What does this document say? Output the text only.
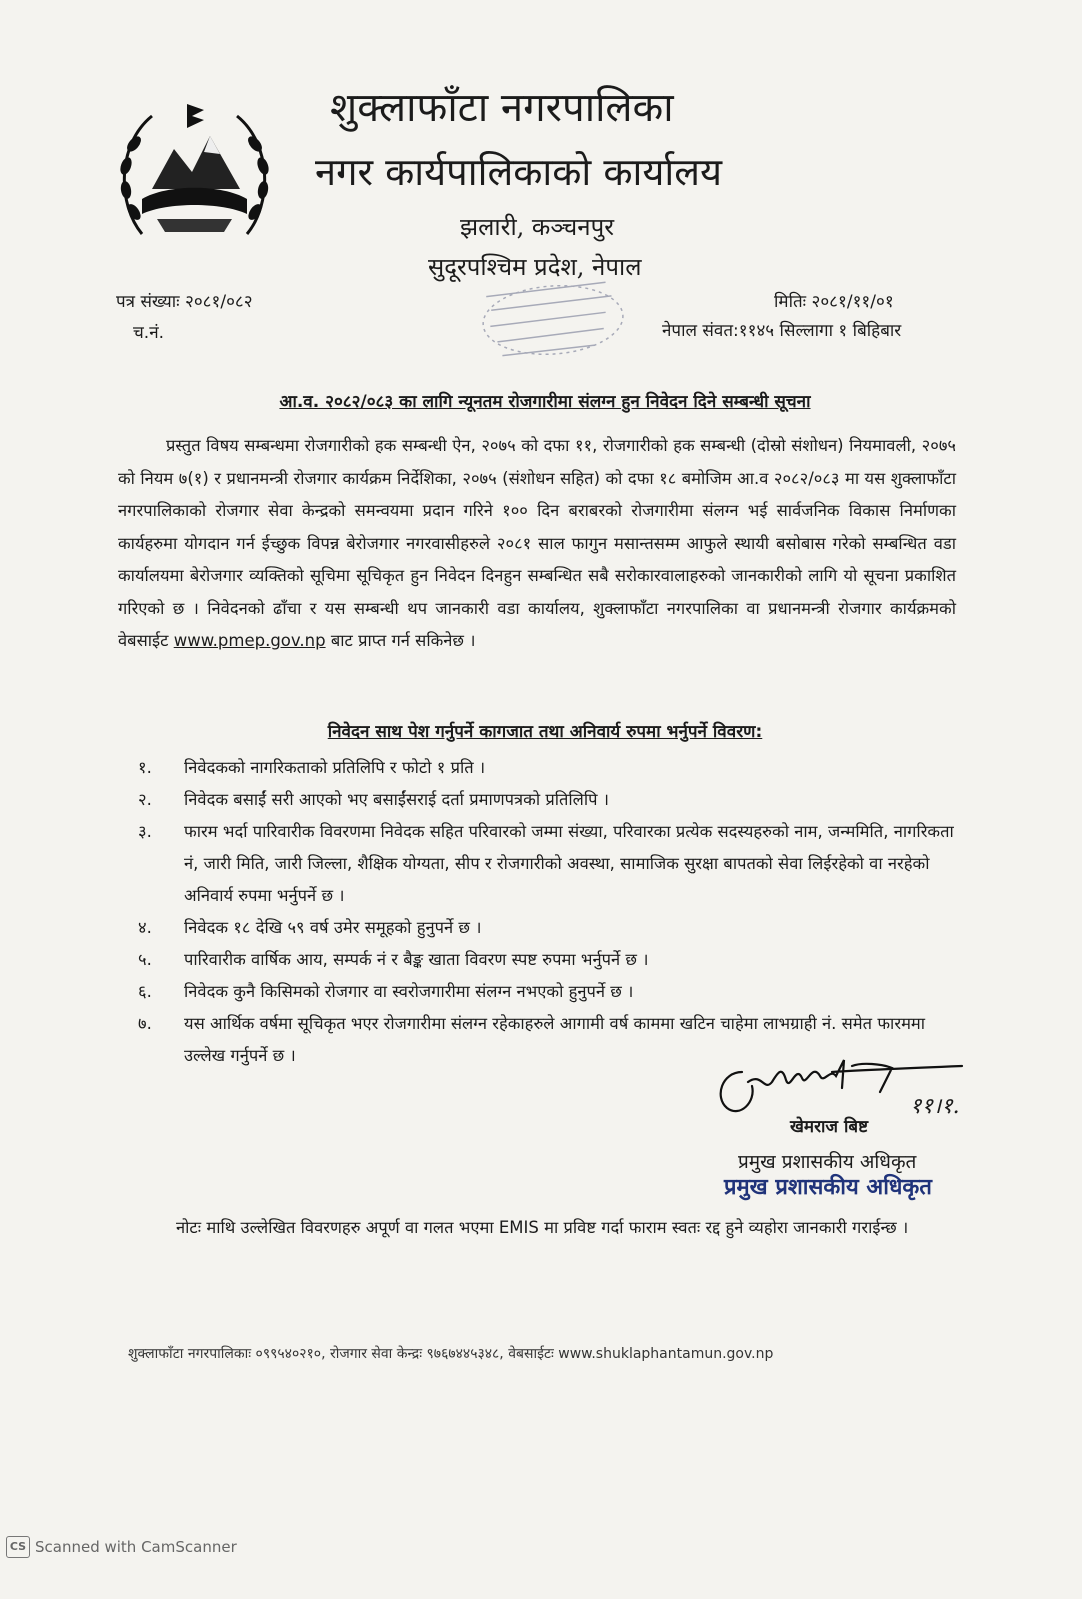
शुक्लाफाँटा नगरपालिका
नगर कार्यपालिकाको कार्यालय
झलारी, कञ्चनपुर
सुदूरपश्चिम प्रदेश, नेपाल
पत्र संख्याः २०८१/०८२
च.नं.
मितिः २०८१/११/०१
नेपाल संवत:११४५ सिल्लागा १ बिहिबार
आ.व. २०८२/०८३ का लागि न्यूनतम रोजगारीमा संलग्न हुन निवेदन दिने सम्बन्धी सूचना

प्रस्तुत विषय सम्बन्धमा रोजगारीको हक सम्बन्धी ऐन, २०७५ को दफा ११, रोजगारीको हक सम्बन्धी (दोस्रो संशोधन) नियमावली, २०७५ को नियम ७(१) र प्रधानमन्त्री रोजगार कार्यक्रम निर्देशिका, २०७५ (संशोधन सहित) को दफा १८ बमोजिम आ.व २०८२/०८३ मा यस शुक्लाफाँटा नगरपालिकाको रोजगार सेवा केन्द्रको समन्वयमा प्रदान गरिने १०० दिन बराबरको रोजगारीमा संलग्न भई सार्वजनिक विकास निर्माणका कार्यहरुमा योगदान गर्न ईच्छुक विपन्न बेरोजगार नगरवासीहरुले २०८१ साल फागुन मसान्तसम्म आफुले स्थायी बसोबास गरेको सम्बन्धित वडा कार्यालयमा बेरोजगार व्यक्तिको सूचिमा सूचिकृत हुन निवेदन दिनहुन सम्बन्धित सबै सरोकारवालाहरुको जानकारीको लागि यो सूचना प्रकाशित गरिएको छ । निवेदनको ढाँचा र यस सम्बन्धी थप जानकारी वडा कार्यालय, शुक्लाफाँटा नगरपालिका वा प्रधानमन्त्री रोजगार कार्यक्रमको वेबसाईट www.pmep.gov.np बाट प्राप्त गर्न सकिनेछ ।

निवेदन साथ पेश गर्नुपर्ने कागजात तथा अनिवार्य रुपमा भर्नुपर्ने विवरण:
१.	निवेदकको नागरिकताको प्रतिलिपि र फोटो १ प्रति ।
२.	निवेदक बसाईं सरी आएको भए बसाईंसराई दर्ता प्रमाणपत्रको प्रतिलिपि ।
३.	फारम भर्दा पारिवारीक विवरणमा निवेदक सहित परिवारको जम्मा संख्या, परिवारका प्रत्येक सदस्यहरुको नाम, जन्ममिति, नागरिकता नं, जारी मिति, जारी जिल्ला, शैक्षिक योग्यता, सीप र रोजगारीको अवस्था, सामाजिक सुरक्षा बापतको सेवा लिईरहेको वा नरहेको अनिवार्य रुपमा भर्नुपर्ने छ ।
४.	निवेदक १८ देखि ५९ वर्ष उमेर समूहको हुनुपर्ने छ ।
५.	पारिवारीक वार्षिक आय, सम्पर्क नं र बैङ्क खाता विवरण स्पष्ट रुपमा भर्नुपर्ने छ ।
६.	निवेदक कुनै किसिमको रोजगार वा स्वरोजगारीमा संलग्न नभएको हुनुपर्ने छ ।
७.	यस आर्थिक वर्षमा सूचिकृत भएर रोजगारीमा संलग्न रहेकाहरुले आगामी वर्ष काममा खटिन चाहेमा लाभग्राही नं. समेत फारममा उल्लेख गर्नुपर्ने छ ।
११।१.
खेमराज बिष्ट
प्रमुख प्रशासकीय अधिकृत
प्रमुख प्रशासकीय अधिकृत

नोटः माथि उल्लेखित विवरणहरु अपूर्ण वा गलत भएमा EMIS मा प्रविष्ट गर्दा फाराम स्वतः रद्द हुने व्यहोरा जानकारी गराईन्छ ।

शुक्लाफाँटा नगरपालिकाः ०९९५४०२१०, रोजगार सेवा केन्द्रः ९७६७४४५३४८, वेबसाईटः www.shuklaphantamun.gov.np
CS Scanned with CamScanner
